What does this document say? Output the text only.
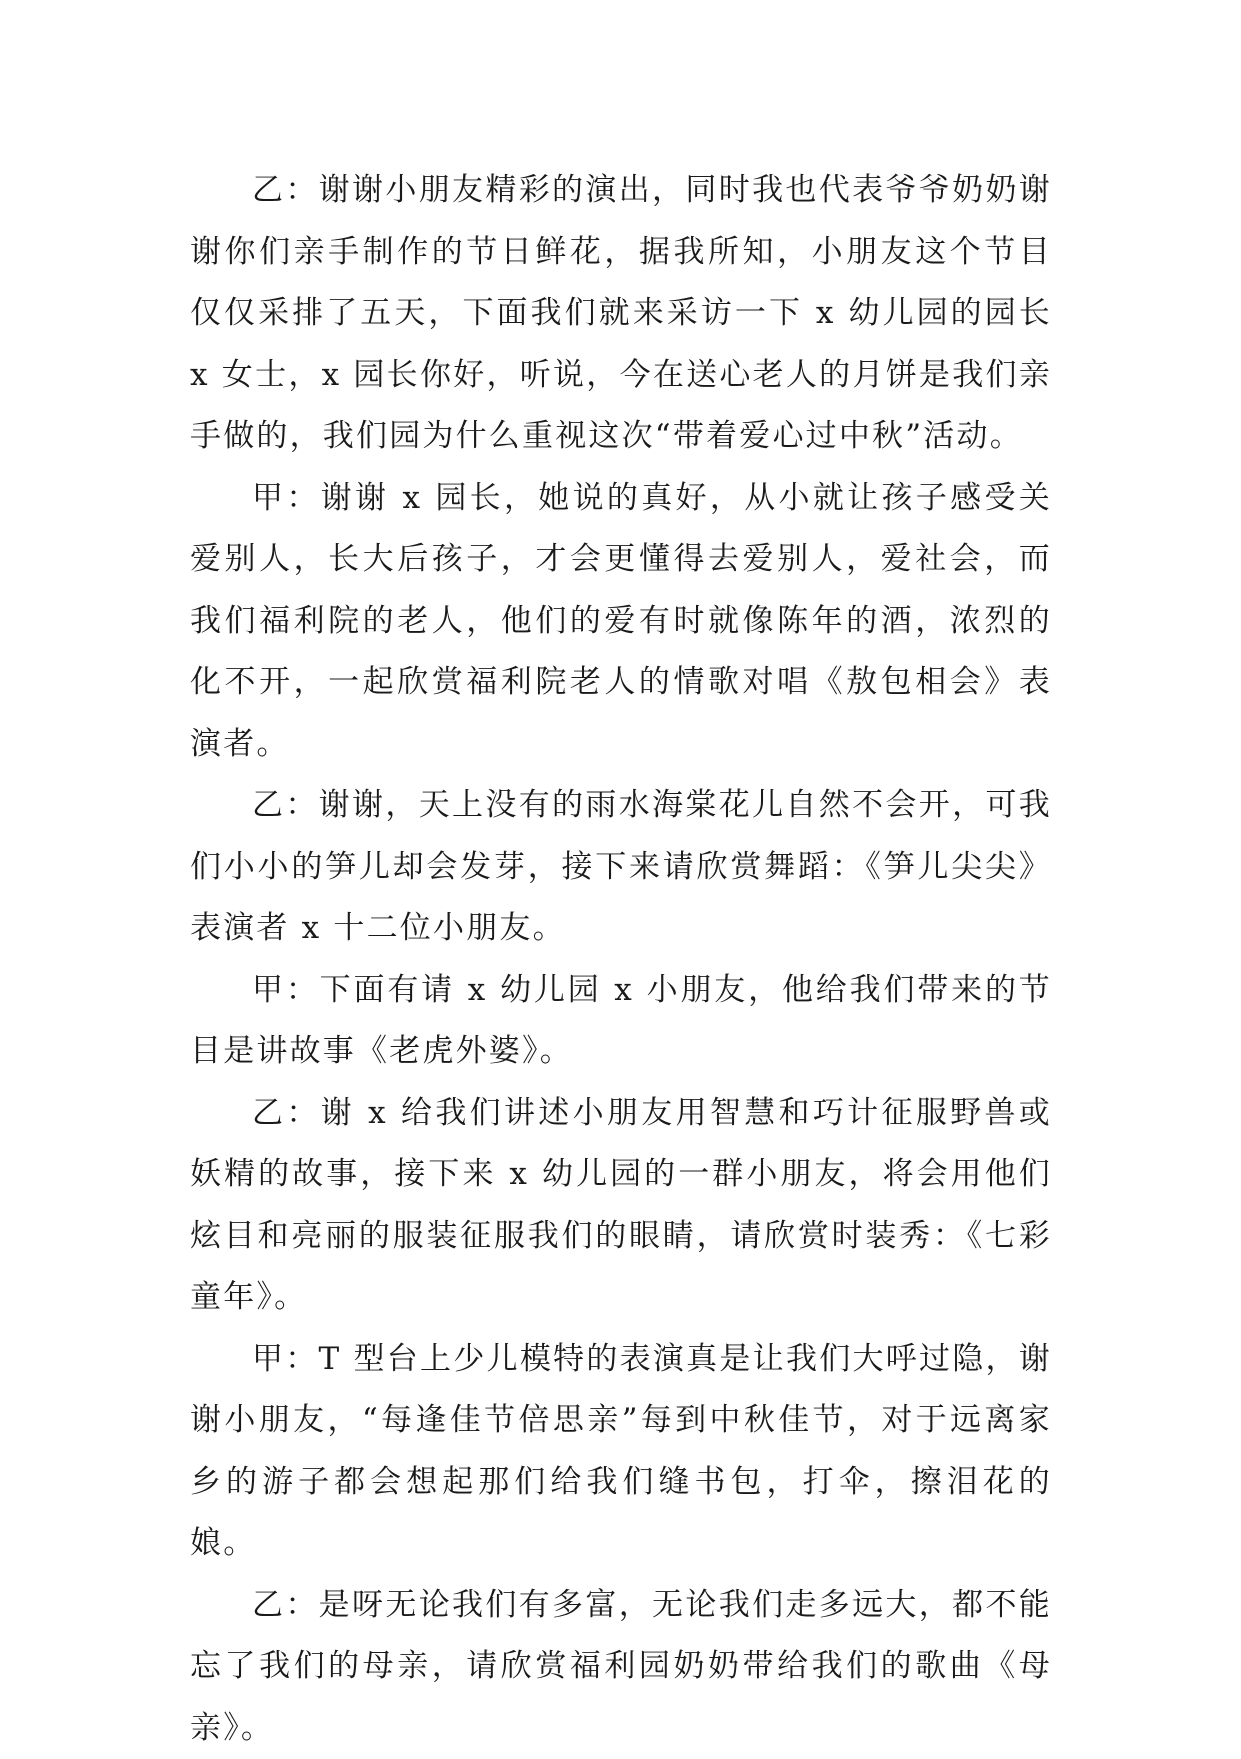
乙：谢谢小朋友精彩的演出，同时我也代表爷爷奶奶谢谢你们亲手制作的节日鲜花，据我所知，小朋友这个节目仅仅采排了五天，下面我们就来采访一下 x 幼儿园的园长 x 女士，x 园长你好，听说，今在送心老人的月饼是我们亲手做的，我们园为什么重视这次“带着爱心过中秋”活动。

甲：谢谢 x 园长，她说的真好，从小就让孩子感受关爱别人，长大后孩子，才会更懂得去爱别人，爱社会，而我们福利院的老人，他们的爱有时就像陈年的酒，浓烈的化不开，一起欣赏福利院老人的情歌对唱《敖包相会》表演者。

乙：谢谢，天上没有的雨水海棠花儿自然不会开，可我们小小的笋儿却会发芽，接下来请欣赏舞蹈：《笋儿尖尖》表演者 x 十二位小朋友。

甲：下面有请 x 幼儿园 x 小朋友，他给我们带来的节目是讲故事《老虎外婆》。

乙：谢 x 给我们讲述小朋友用智慧和巧计征服野兽或妖精的故事，接下来 x 幼儿园的一群小朋友，将会用他们炫目和亮丽的服装征服我们的眼睛，请欣赏时装秀：《七彩童年》。

甲：T 型台上少儿模特的表演真是让我们大呼过隐，谢谢小朋友，“每逢佳节倍思亲”每到中秋佳节，对于远离家乡的游子都会想起那们给我们缝书包，打伞，擦泪花的娘。

乙：是呀无论我们有多富，无论我们走多远大，都不能忘了我们的母亲，请欣赏福利园奶奶带给我们的歌曲《母亲》。
